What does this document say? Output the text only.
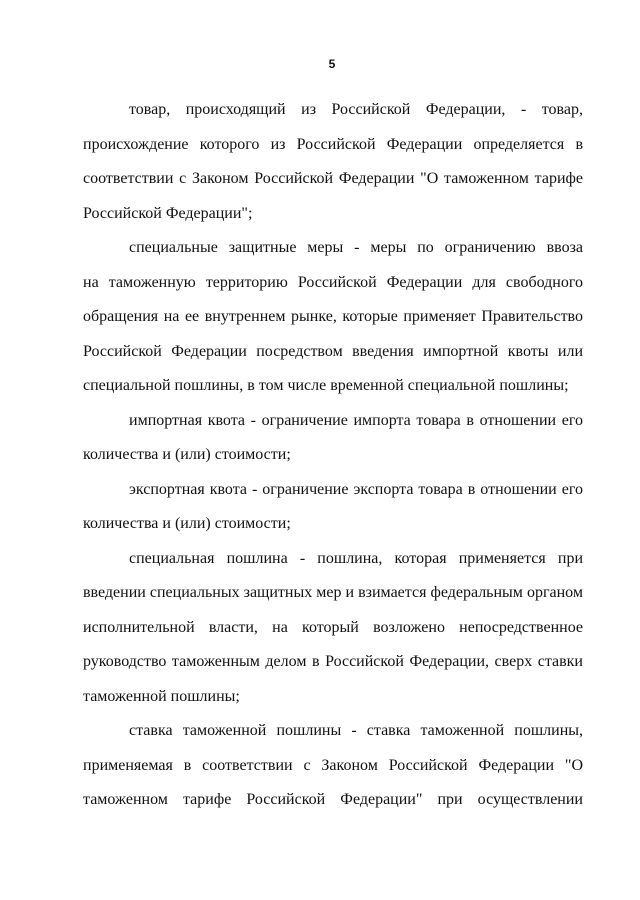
5

товар, происходящий из Российской Федерации, - товар,
происхождение которого из Российской Федерации определяется в
соответствии с Законом Российской Федерации "О таможенном тарифе
Российской Федерации";

специальные защитные меры - меры по ограничению ввоза
на таможенную территорию Российской Федерации для свободного
обращения на ее внутреннем рынке, которые применяет Правительство
Российской Федерации посредством введения импортной квоты или
специальной пошлины, в том числе временной специальной пошлины;

импортная квота - ограничение импорта товара в отношении его
количества и (или) стоимости;

экспортная квота - ограничение экспорта товара в отношении его
количества и (или) стоимости;

специальная пошлина - пошлина, которая применяется при
введении специальных защитных мер и взимается федеральным органом
исполнительной власти, на который возложено непосредственное
руководство таможенным делом в Российской Федерации, сверх ставки
таможенной пошлины;

ставка таможенной пошлины - ставка таможенной пошлины,
применяемая в соответствии с Законом Российской Федерации "О
таможенном тарифе Российской Федерации" при осуществлении
